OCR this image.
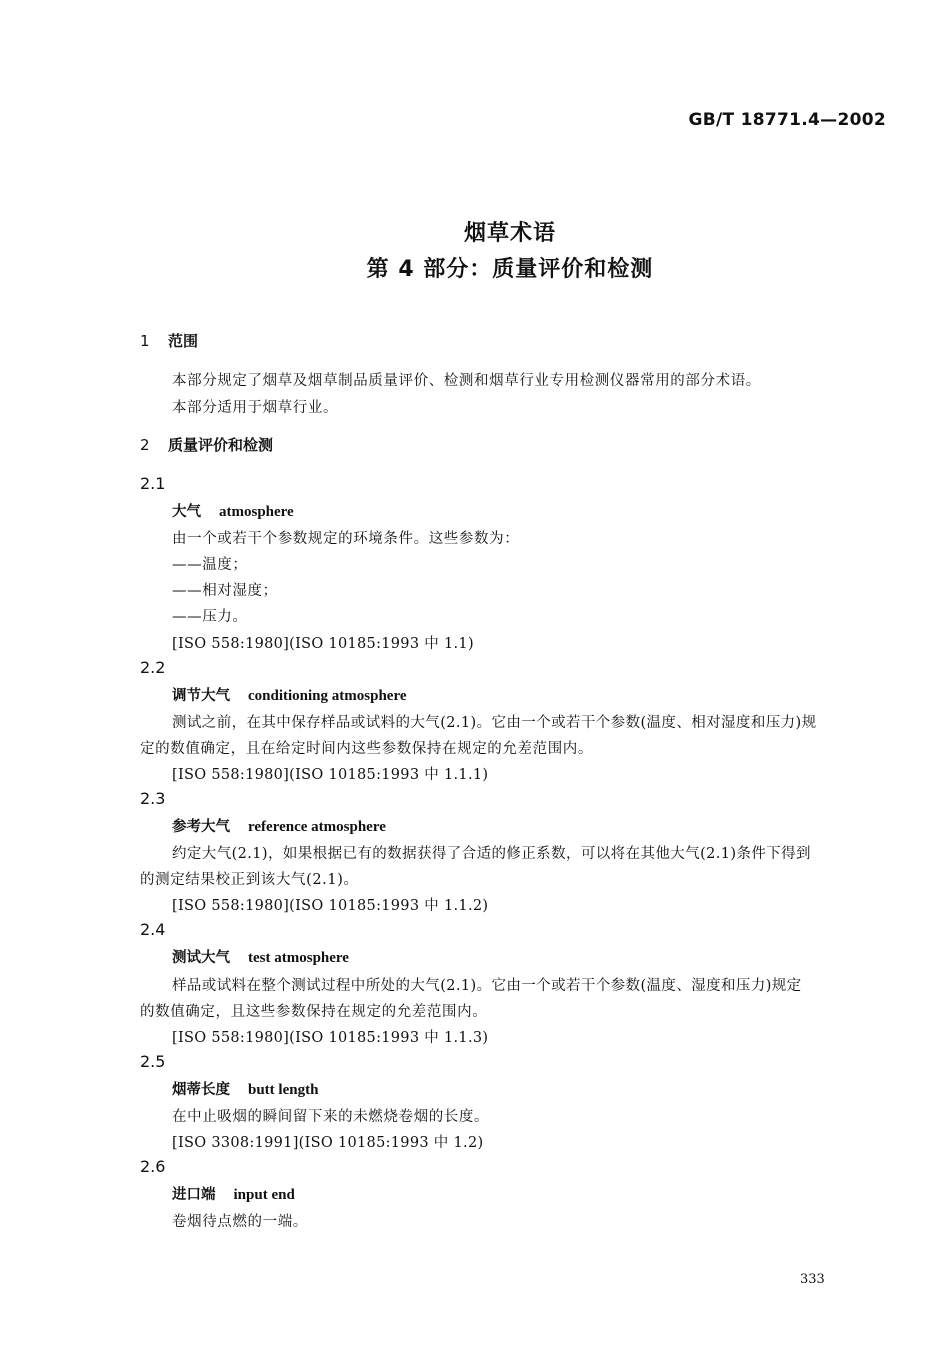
GB/T 18771.4—2002
烟草术语
第 4 部分：质量评价和检测
1 范围
本部分规定了烟草及烟草制品质量评价、检测和烟草行业专用检测仪器常用的部分术语。
本部分适用于烟草行业。
2 质量评价和检测
2.1
大气 atmosphere
由一个或若干个参数规定的环境条件。这些参数为：
——温度；
——相对湿度；
——压力。
[ISO 558:1980](ISO 10185:1993 中 1.1)
2.2
调节大气 conditioning atmosphere
测试之前，在其中保存样品或试料的大气(2.1)。它由一个或若干个参数(温度、相对湿度和压力)规
定的数值确定，且在给定时间内这些参数保持在规定的允差范围内。
[ISO 558:1980](ISO 10185:1993 中 1.1.1)
2.3
参考大气 reference atmosphere
约定大气(2.1)，如果根据已有的数据获得了合适的修正系数，可以将在其他大气(2.1)条件下得到
的测定结果校正到该大气(2.1)。
[ISO 558:1980](ISO 10185:1993 中 1.1.2)
2.4
测试大气 test atmosphere
样品或试料在整个测试过程中所处的大气(2.1)。它由一个或若干个参数(温度、湿度和压力)规定
的数值确定，且这些参数保持在规定的允差范围内。
[ISO 558:1980](ISO 10185:1993 中 1.1.3)
2.5
烟蒂长度 butt length
在中止吸烟的瞬间留下来的未燃烧卷烟的长度。
[ISO 3308:1991](ISO 10185:1993 中 1.2)
2.6
进口端 input end
卷烟待点燃的一端。
333
